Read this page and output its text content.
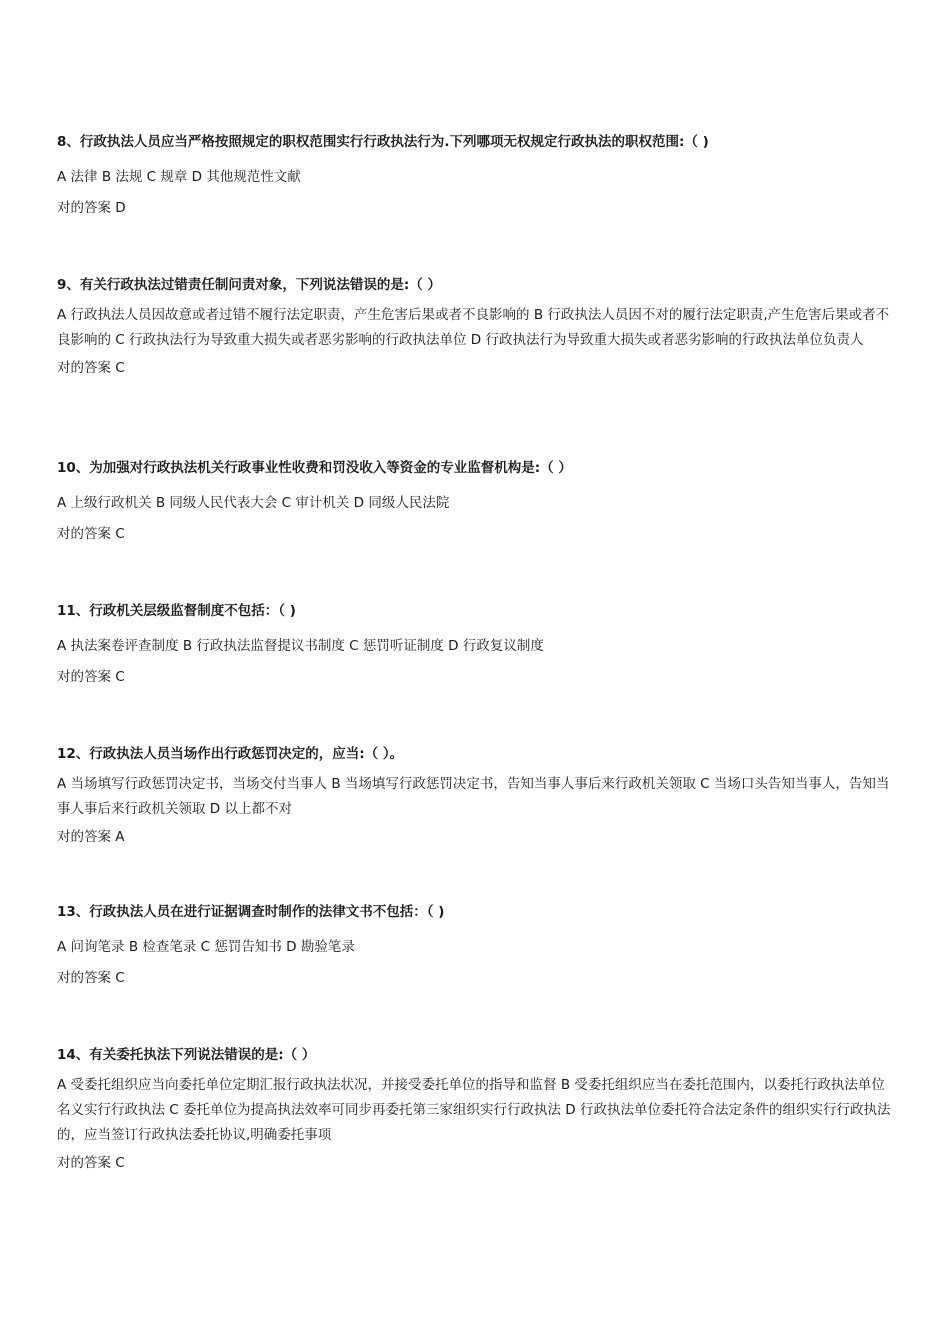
8、行政执法人员应当严格按照规定的职权范围实行行政执法行为.下列哪项无权规定行政执法的职权范围:（ )

A 法律 B 法规 C 规章 D 其他规范性文献

对的答案 D

9、有关行政执法过错责任制问责对象，下列说法错误的是:（ ）

A 行政执法人员因故意或者过错不履行法定职责，产生危害后果或者不良影响的 B 行政执法人员因不对的履行法定职责,产生危害后果或者不良影响的 C 行政执法行为导致重大损失或者恶劣影响的行政执法单位 D 行政执法行为导致重大损失或者恶劣影响的行政执法单位负责人

对的答案 C

10、为加强对行政执法机关行政事业性收费和罚没收入等资金的专业监督机构是:（ ）

A 上级行政机关 B 同级人民代表大会 C 审计机关 D 同级人民法院

对的答案 C

11、行政机关层级监督制度不包括：（ )

A 执法案卷评查制度 B 行政执法监督提议书制度 C 惩罚听证制度 D 行政复议制度

对的答案 C

12、行政执法人员当场作出行政惩罚决定的，应当:（ ）。

A 当场填写行政惩罚决定书，当场交付当事人 B 当场填写行政惩罚决定书，告知当事人事后来行政机关领取 C 当场口头告知当事人，告知当事人事后来行政机关领取 D 以上都不对

对的答案 A

13、行政执法人员在进行证据调查时制作的法律文书不包括：（ )

A 问询笔录 B 检查笔录 C 惩罚告知书 D 勘验笔录

对的答案 C

14、有关委托执法下列说法错误的是:（ ）

A 受委托组织应当向委托单位定期汇报行政执法状况，并接受委托单位的指导和监督 B 受委托组织应当在委托范围内，以委托行政执法单位名义实行行政执法 C 委托单位为提高执法效率可同步再委托第三家组织实行行政执法 D 行政执法单位委托符合法定条件的组织实行行政执法的，应当签订行政执法委托协议,明确委托事项

对的答案 C
